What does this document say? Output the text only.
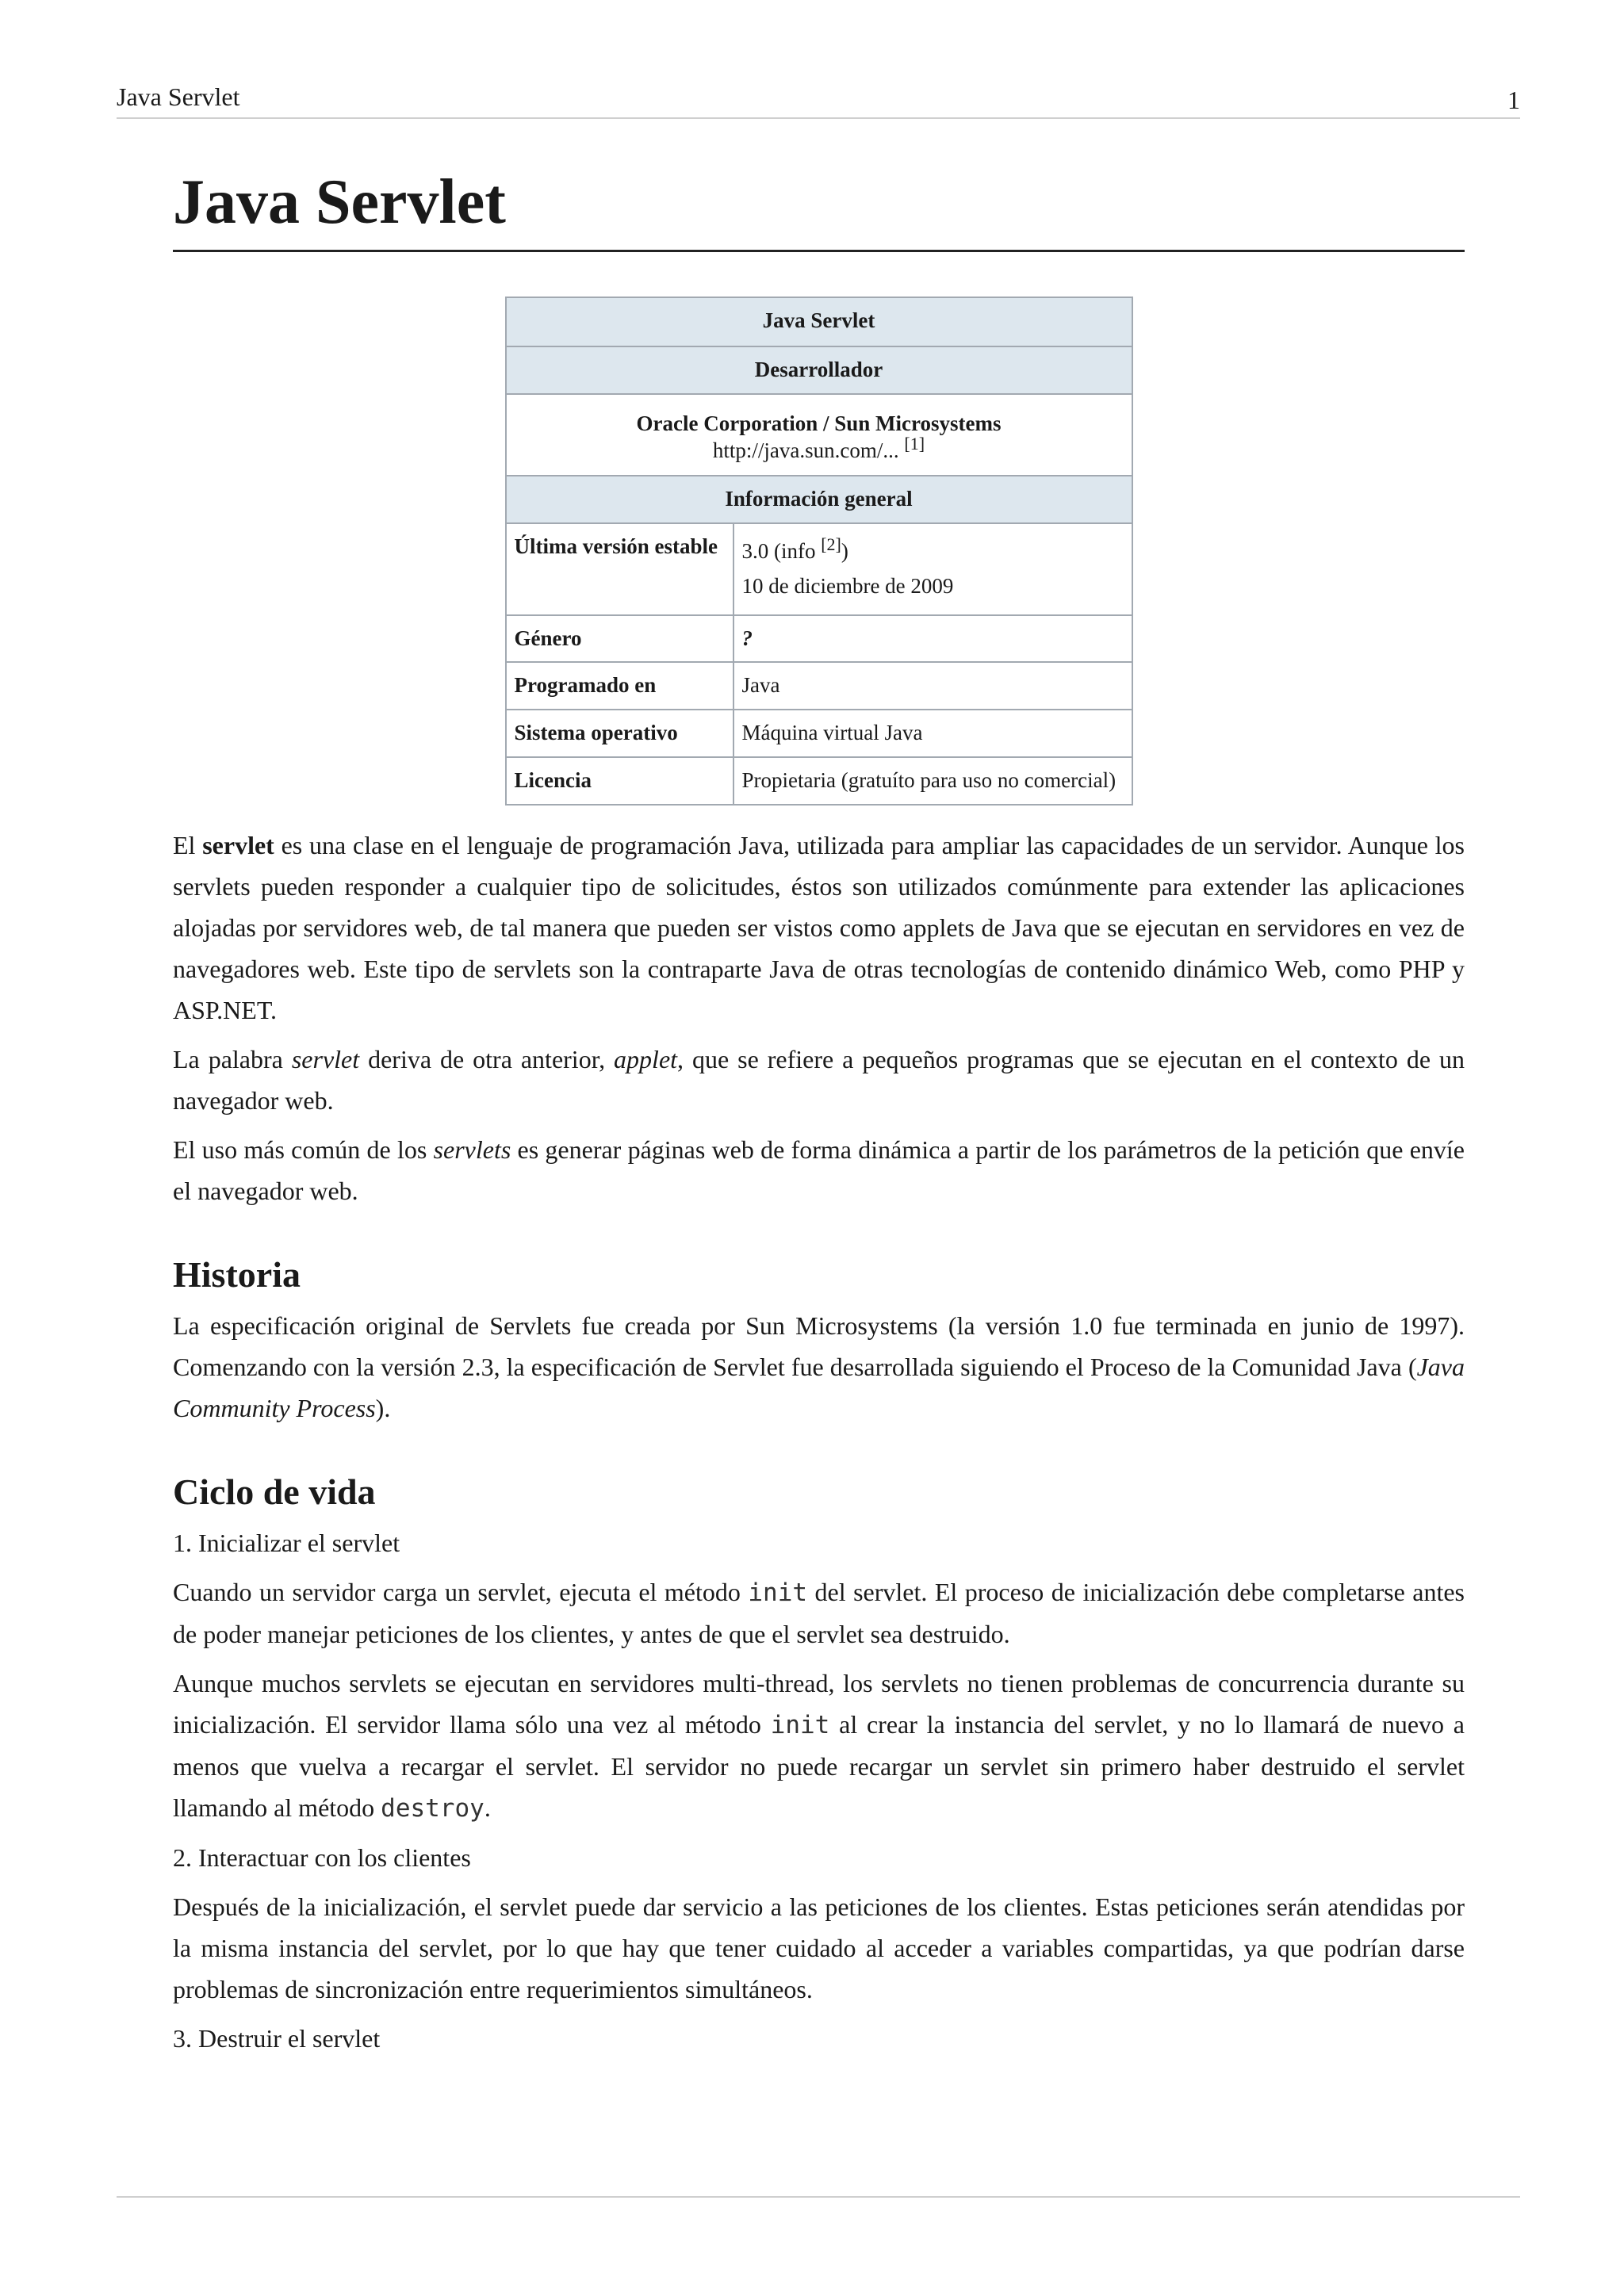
Java Servlet	1
Java Servlet
Java Servlet	
Desarrollador	
Oracle Corporation / Sun Microsystems
http://java.sun.com/... [1]
Información general	
Última versión estable	3.0 (info [2])
10 de diciembre de 2009
Género	?
Programado en	Java
Sistema operativo	Máquina virtual Java
Licencia	Propietaria (gratuíto para uso no comercial)

El servlet es una clase en el lenguaje de programación Java, utilizada para ampliar las capacidades de un servidor. Aunque los servlets pueden responder a cualquier tipo de solicitudes, éstos son utilizados comúnmente para extender las aplicaciones alojadas por servidores web, de tal manera que pueden ser vistos como applets de Java que se ejecutan en servidores en vez de navegadores web. Este tipo de servlets son la contraparte Java de otras tecnologías de contenido dinámico Web, como PHP y ASP.NET.

La palabra servlet deriva de otra anterior, applet, que se refiere a pequeños programas que se ejecutan en el contexto de un navegador web.

El uso más común de los servlets es generar páginas web de forma dinámica a partir de los parámetros de la petición que envíe el navegador web.

Historia

La especificación original de Servlets fue creada por Sun Microsystems (la versión 1.0 fue terminada en junio de 1997). Comenzando con la versión 2.3, la especificación de Servlet fue desarrollada siguiendo el Proceso de la Comunidad Java (Java Community Process).

Ciclo de vida

1. Inicializar el servlet

Cuando un servidor carga un servlet, ejecuta el método init del servlet. El proceso de inicialización debe completarse antes de poder manejar peticiones de los clientes, y antes de que el servlet sea destruido.

Aunque muchos servlets se ejecutan en servidores multi-thread, los servlets no tienen problemas de concurrencia durante su inicialización. El servidor llama sólo una vez al método init al crear la instancia del servlet, y no lo llamará de nuevo a menos que vuelva a recargar el servlet. El servidor no puede recargar un servlet sin primero haber destruido el servlet llamando al método destroy.

2. Interactuar con los clientes

Después de la inicialización, el servlet puede dar servicio a las peticiones de los clientes. Estas peticiones serán atendidas por la misma instancia del servlet, por lo que hay que tener cuidado al acceder a variables compartidas, ya que podrían darse problemas de sincronización entre requerimientos simultáneos.

3. Destruir el servlet
